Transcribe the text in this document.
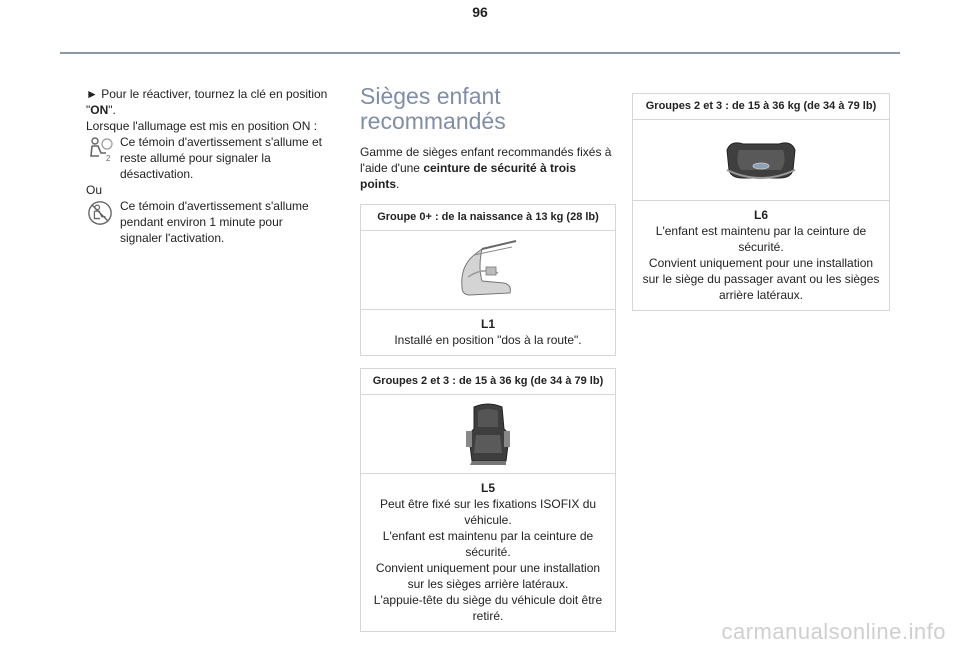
96

► Pour le réactiver, tournez la clé en position "ON".

Lorsque l'allumage est mis en position ON :

2

Ce témoin d'avertissement s'allume et reste allumé pour signaler la désactivation.

Ou

Ce témoin d'avertissement s'allume pendant environ 1 minute pour signaler l'activation.

Sièges enfant
recommandés

Gamme de sièges enfant recommandés fixés à l'aide d'une ceinture de sécurité à trois points.

Groupe 0+ : de la naissance à 13 kg (28 lb)
L1
Installé en position "dos à la route".
Groupes 2 et 3 : de 15 à 36 kg (de 34 à 79 lb)
L5
Peut être fixé sur les fixations ISOFIX du véhicule.
L'enfant est maintenu par la ceinture de sécurité.
Convient uniquement pour une installation sur les sièges arrière latéraux.
L'appuie-tête du siège du véhicule doit être retiré.
Groupes 2 et 3 : de 15 à 36 kg (de 34 à 79 lb)
L6
L'enfant est maintenu par la ceinture de sécurité.
Convient uniquement pour une installation sur le siège du passager avant ou les sièges arrière latéraux.
carmanualsonline.info
